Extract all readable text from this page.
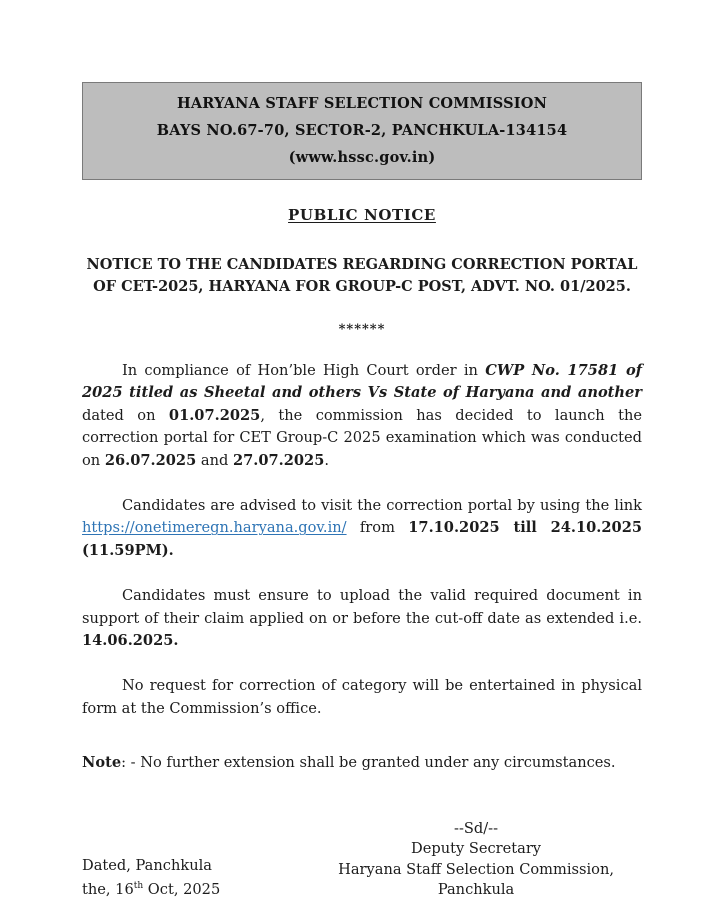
HARYANA STAFF SELECTION COMMISSION
BAYS NO.67-70, SECTOR-2, PANCHKULA-134154
(www.hssc.gov.in)
PUBLIC NOTICE
NOTICE TO THE CANDIDATES REGARDING CORRECTION PORTAL OF CET-2025, HARYANA FOR GROUP-C POST, ADVT. NO. 01/2025.
******

In compliance of Hon’ble High Court order in CWP No. 17581 of 2025 titled as Sheetal and others Vs State of Haryana and another dated on 01.07.2025, the commission has decided to launch the correction portal for CET Group-C 2025 examination which was conducted on 26.07.2025 and 27.07.2025.

Candidates are advised to visit the correction portal by using the link https://onetimeregn.haryana.gov.in/ from 17.10.2025 till 24.10.2025 (11.59PM).

Candidates must ensure to upload the valid required document in support of their claim applied on or before the cut-off date as extended i.e. 14.06.2025.

No request for correction of category will be entertained in physical form at the Commission’s office.

Note: - No further extension shall be granted under any circumstances.

Dated, Panchkula
the, 16th Oct, 2025
--Sd/--
Deputy Secretary
Haryana Staff Selection Commission,
Panchkula
